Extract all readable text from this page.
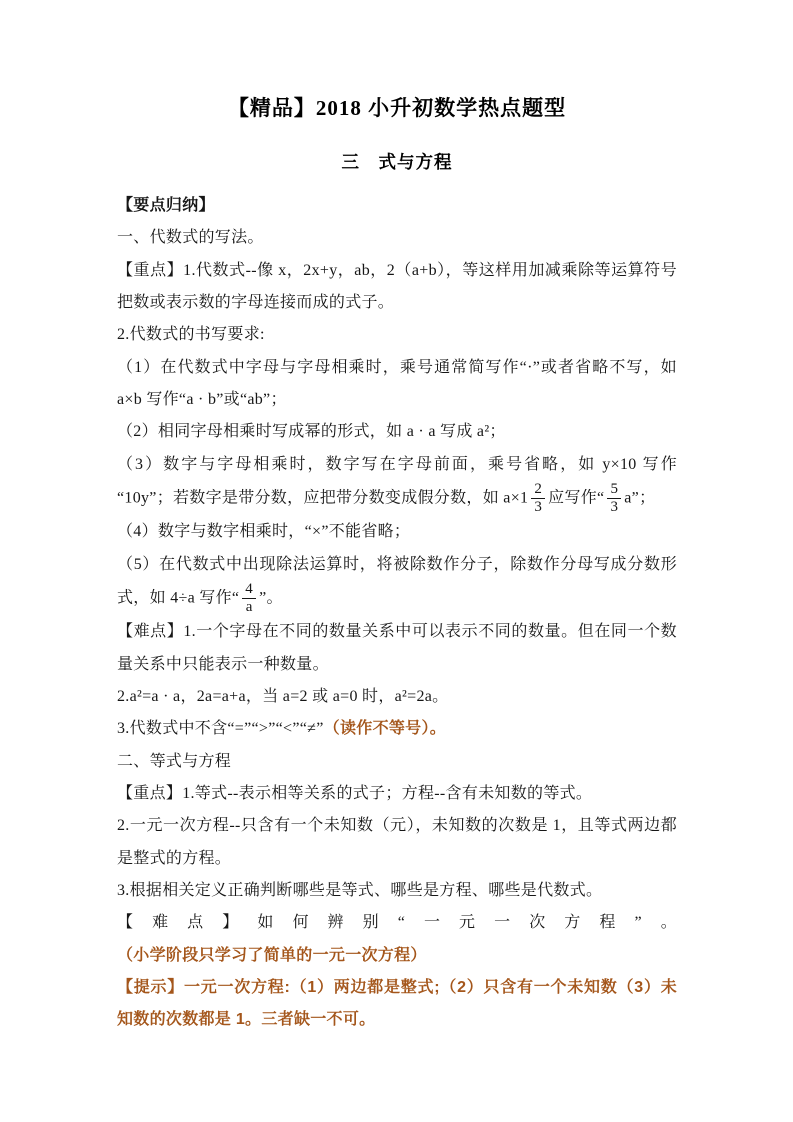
【精品】2018 小升初数学热点题型
三　式与方程

【要点归纳】

一、代数式的写法。

【重点】1.代数式--像 x，2x+y，ab，2（a+b），等这样用加减乘除等运算符号把数或表示数的字母连接而成的式子。

2.代数式的书写要求:

（1）在代数式中字母与字母相乘时，乘号通常简写作“·”或者省略不写，如 a×b 写作“a · b”或“ab”；

（2）相同字母相乘时写成幂的形式，如 a · a 写成 a²；

（3）数字与字母相乘时，数字写在字母前面，乘号省略，如 y×10 写作“10y”；若数字是带分数，应把带分数变成假分数，如 $a\times 1 \frac{2}{3}$ 应写作“ $\frac{5}{3} a$”；

（4）数字与数字相乘时，“×”不能省略；

（5）在代数式中出现除法运算时，将被除数作分子，除数作分母写成分数形式，如 4÷a 写作“ $\frac{4}{a}$ ”。

【难点】1.一个字母在不同的数量关系中可以表示不同的数量。但在同一个数量关系中只能表示一种数量。

2.a²=a · a，2a=a+a，当 a=2 或 a=0 时，a²=2a。

3.代数式中不含“=”“>”“<”“≠”（读作不等号）。

二、等式与方程

【重点】1.等式--表示相等关系的式子；方程--含有未知数的等式。

2.一元一次方程--只含有一个未知数（元），未知数的次数是 1，且等式两边都是整式的方程。

3.根据相关定义正确判断哪些是等式、哪些是方程、哪些是代数式。

【难点】如何辨别“一元一次方程”。（小学阶段只学习了简单的一元一次方程）

【提示】一元一次方程:（1）两边都是整式;（2）只含有一个未知数（3）未知数的次数都是 1。三者缺一不可。
